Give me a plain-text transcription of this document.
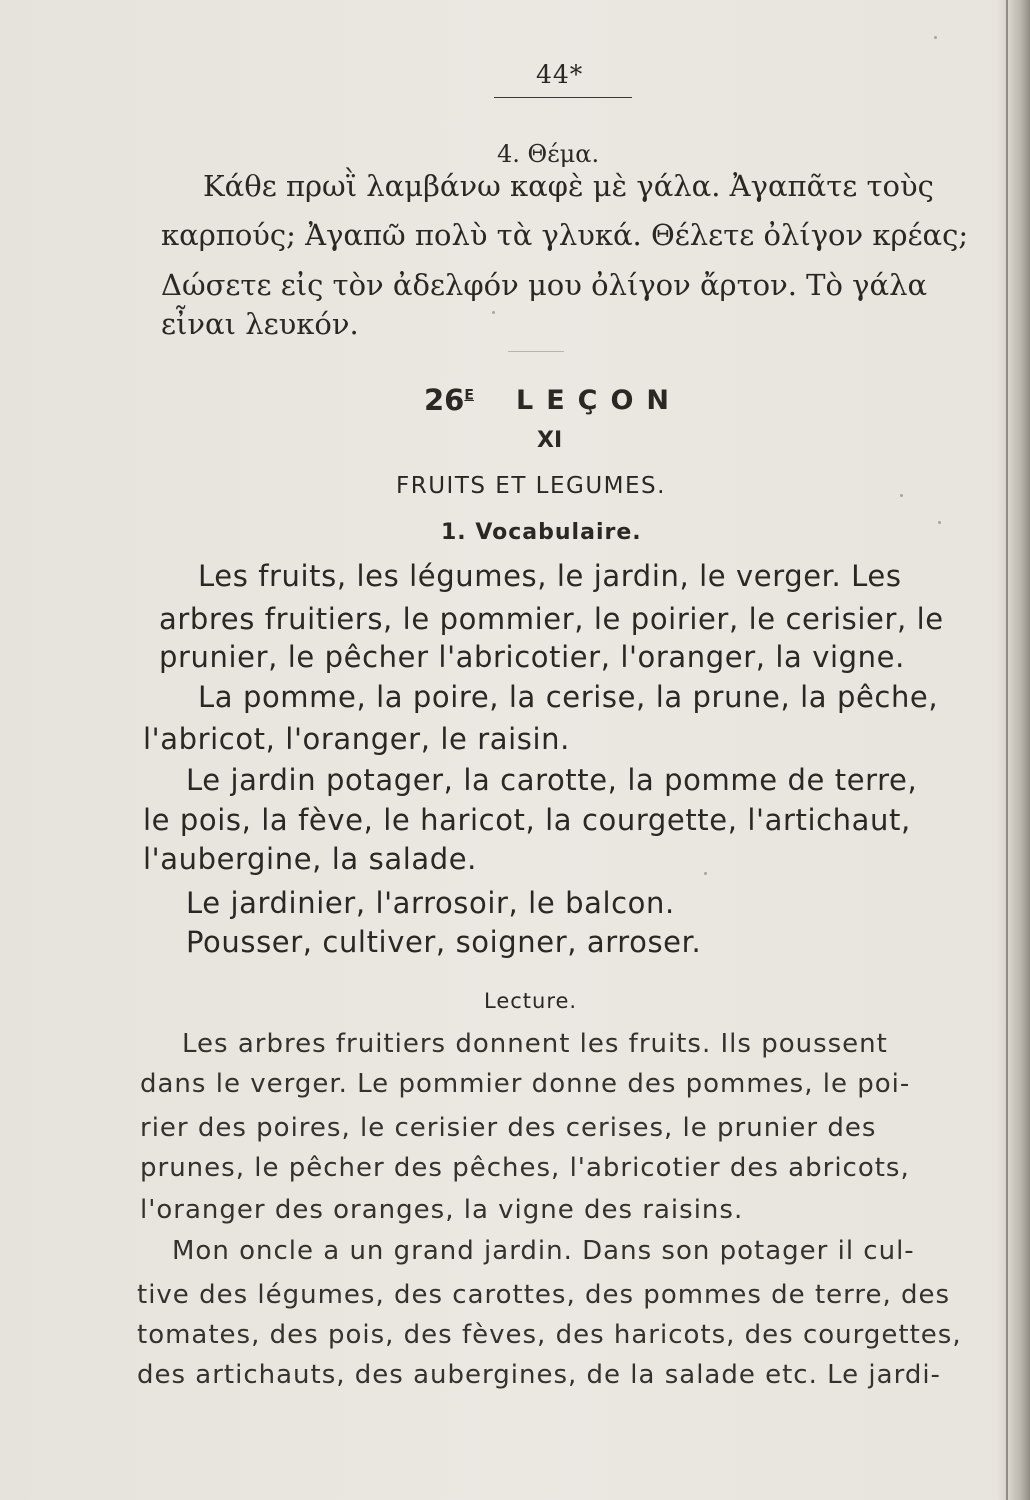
44*
4. Θέμα.
Κάθε πρωῒ λαμβάνω καφὲ μὲ γάλα. Ἀγαπᾶτε τοὺς
καρπούς; Ἀγαπῶ πολὺ τὰ γλυκά. Θέλετε ὀλίγον κρέας;
Δώσετε εἰς τὸν ἀδελφόν μου ὀλίγον ἄρτον. Τὸ γάλα
εἶναι λευκόν.
$26^E$ LEÇON
XI
FRUITS ET LEGUMES.
1. Vocabulaire.
Les fruits, les légumes, le jardin, le verger. Les
arbres fruitiers, le pommier, le poirier, le cerisier, le
prunier, le pêcher l'abricotier, l'oranger, la vigne.
La pomme, la poire, la cerise, la prune, la pêche,
l'abricot, l'oranger, le raisin.
Le jardin potager, la carotte, la pomme de terre,
le pois, la fève, le haricot, la courgette, l'artichaut,
l'aubergine, la salade.
Le jardinier, l'arrosoir, le balcon.
Pousser, cultiver, soigner, arroser.
Lecture.
Les arbres fruitiers donnent les fruits. Ils poussent
dans le verger. Le pommier donne des pommes, le poi-
rier des poires, le cerisier des cerises, le prunier des
prunes, le pêcher des pêches, l'abricotier des abricots,
l'oranger des oranges, la vigne des raisins.
Mon oncle a un grand jardin. Dans son potager il cul-
tive des légumes, des carottes, des pommes de terre, des
tomates, des pois, des fèves, des haricots, des courgettes,
des artichauts, des aubergines, de la salade etc. Le jardi-
